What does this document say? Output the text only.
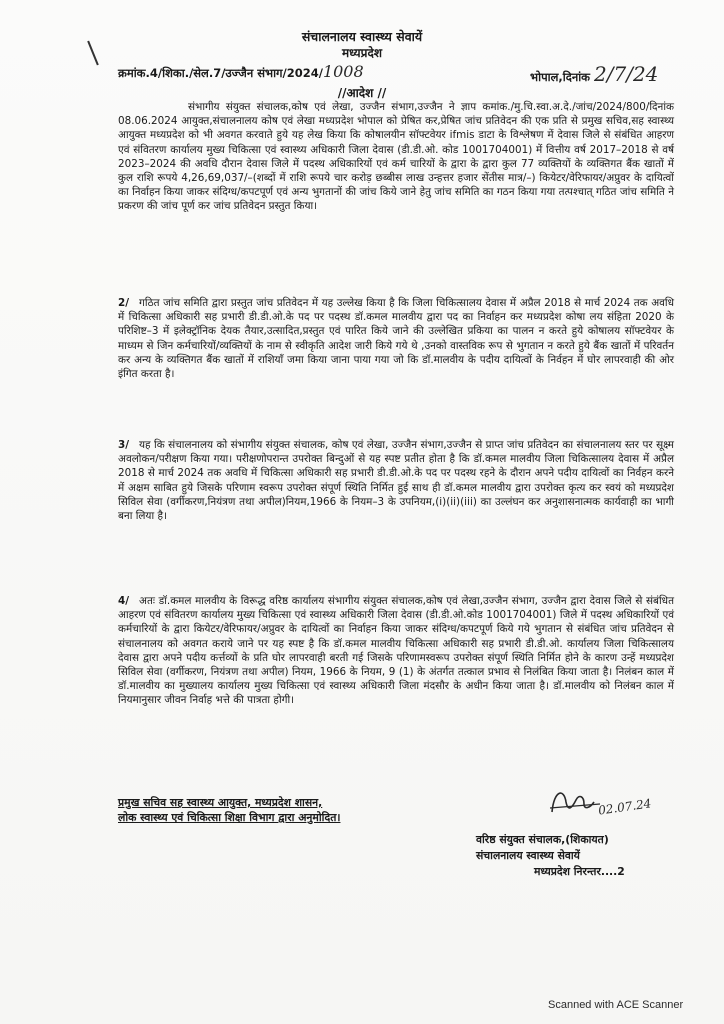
संचालनालय स्वास्थ्य सेवायें
मध्यप्रदेश
क्रमांक.4/शिका./सेल.7/उज्जैन संभाग/2024/1008	भोपाल,दिनांक 2/7/24
//आदेश //

संभागीय संयुक्त संचालक,कोष एवं लेखा, उज्जैन संभाग,उज्जैन ने ज्ञाप कमांक./मु.चि.स्वा.अ.दे./जांच/2024/800/दिनांक 08.06.2024 आयुक्त,संचालनालय कोष एवं लेखा मध्यप्रदेश भोपाल को प्रेषित कर,प्रेषित जांच प्रतिवेदन की एक प्रति से प्रमुख सचिव,सह स्वास्थ्य आयुक्त मध्यप्रदेश को भी अवगत करवाते हुये यह लेख किया कि कोषालयीन सॉफ्टवेयर ifmis डाटा के विश्लेषण में देवास जिले से संबंधित आहरण एवं संवितरण कार्यालय मुख्य चिकित्सा एवं स्वास्थ्य अधिकारी जिला देवास (डी.डी.ओ. कोड 1001704001) में वित्तीय वर्ष 2017–2018 से वर्ष 2023–2024 की अवधि दौरान देवास जिले में पदस्थ अधिकारियों एवं कर्म चारियों के द्वारा के द्वारा कुल 77 व्यक्तियों के व्यक्तिगत बैंक खातों में कुल राशि रूपये 4,26,69,037/–(शब्दों में राशि रूपये चार करोड़ छब्बीस लाख उन्हत्तर हजार सेंतीस मात्र/–) कियेटर/वेरिफायर/अप्रुवर के दायित्वों का निर्वाहन किया जाकर संदिग्ध/कपटपूर्ण एवं अन्य भुगतानों की जांच किये जाने हेतु जांच समिति का गठन किया गया तत्पश्चात् गठित जांच समिति ने प्रकरण की जांच पूर्ण कर जांच प्रतिवेदन प्रस्तुत किया।

2/ गठित जांच समिति द्वारा प्रस्तुत जांच प्रतिवेदन में यह उल्लेख किया है कि जिला चिकित्सालय देवास में अप्रैल 2018 से मार्च 2024 तक अवधि में चिकित्सा अधिकारी सह प्रभारी डी.डी.ओ.के पद पर पदस्थ डॉ.कमल मालवीय द्वारा पद का निर्वाहन कर मध्यप्रदेश कोषा लय संहिता 2020 के परिशिष्ट–3 में इलेक्ट्रॉनिक देयक तैयार,उत्सादित,प्रस्तुत एवं पारित किये जाने की उल्लेखित प्रकिया का पालन न करते हुये कोषालय सॉफ्टवेयर के माध्यम से जिन कर्मचारियों/व्यक्तियों के नाम से स्वीकृति आदेश जारी किये गये थे ,उनको वास्तविक रूप से भुगतान न करते हुये बैंक खातों में परिवर्तन कर अन्य के व्यक्तिगत बैंक खातों में राशियाँ जमा किया जाना पाया गया जो कि डॉ.मालवीय के पदीय दायित्वों के निर्वहन में घोर लापरवाही की ओर इंगित करता है।

3/ यह कि संचालनालय को संभागीय संयुक्त संचालक, कोष एवं लेखा, उज्जैन संभाग,उज्जैन से प्राप्त जांच प्रतिवेदन का संचालनालय स्तर पर सूक्ष्म अवलोकन/परीक्षण किया गया। परीक्षणोपरान्त उपरोक्त बिन्दुओं से यह स्पष्ट प्रतीत होता है कि डॉ.कमल मालवीय जिला चिकित्सालय देवास में अप्रैल 2018 से मार्च 2024 तक अवधि में चिकित्सा अधिकारी सह प्रभारी डी.डी.ओ.के पद पर पदस्थ रहने के दौरान अपने पदीय दायित्वों का निर्वहन करने में अक्षम साबित हुये जिसके परिणाम स्वरूप उपरोक्त संपूर्ण स्थिति निर्मित हुई साथ ही डॉ.कमल मालवीय द्वारा उपरोक्त कृत्य कर स्वयं को मध्यप्रदेश सिविल सेवा (वर्गीकरण,नियंत्रण तथा अपील)नियम,1966 के नियम–3 के उपनियम,(i)(ii)(iii) का उल्लंघन कर अनुशासनात्मक कार्यवाही का भागी बना लिया है।

4/ अतः डॉ.कमल मालवीय के विरूद्ध वरिष्ठ कार्यालय संभागीय संयुक्त संचालक,कोष एवं लेखा,उज्जैन संभाग, उज्जैन द्वारा देवास जिले से संबंधित आहरण एवं संवितरण कार्यालय मुख्य चिकित्सा एवं स्वास्थ्य अधिकारी जिला देवास (डी.डी.ओ.कोड 1001704001) जिले में पदस्थ अधिकारियों एवं कर्मचारियों के द्वारा कियेटर/वेरिफायर/अप्रुवर के दायित्वों का निर्वाहन किया जाकर संदिग्ध/कपटपूर्ण किये गये भुगतान से संबंधित जांच प्रतिवेदन से संचालनालय को अवगत कराये जाने पर यह स्पष्ट है कि डॉ.कमल मालवीय चिकित्सा अधिकारी सह प्रभारी डी.डी.ओ. कार्यालय जिला चिकित्सालय देवास द्वारा अपने पदीय कर्त्तव्यों के प्रति घोर लापरवाही बरती गई जिसके परिणामस्वरूप उपरोक्त संपूर्ण स्थिति निर्मित होने के कारण उन्हें मध्यप्रदेश सिविल सेवा (वर्गीकरण, नियंत्रण तथा अपील) नियम, 1966 के नियम, 9 (1) के अंतर्गत तत्काल प्रभाव से निलंबित किया जाता है। निलंबन काल में डॉ.मालवीय का मुख्यालय कार्यालय मुख्य चिकित्सा एवं स्वास्थ्य अधिकारी जिला मंदसौर के अधीन किया जाता है। डॉ.मालवीय को निलंबन काल में नियमानुसार जीवन निर्वाह भत्ते की पात्रता होगी।

प्रमुख सचिव सह स्वास्थ्य आयुक्त, मध्यप्रदेश शासन,
लोक स्वास्थ्य एवं चिकित्सा शिक्षा विभाग द्वारा अनुमोदित।	02.07.24
वरिष्ठ संयुक्त संचालक,(शिकायत)
संचालनालय स्वास्थ्य सेवायें
मध्यप्रदेश निरन्तर....2
Scanned with ACE Scanner
